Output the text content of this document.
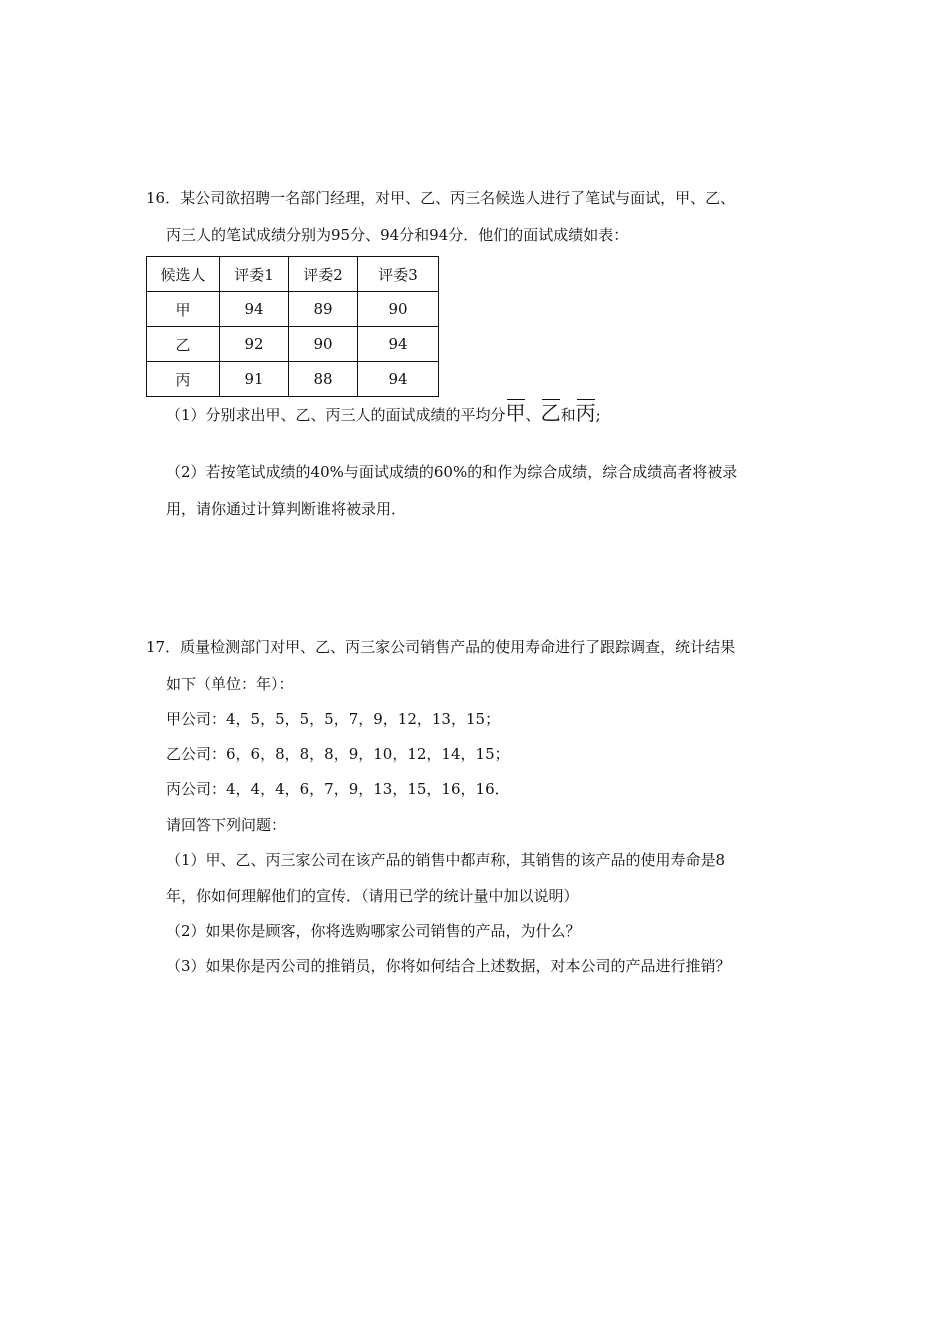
16．某公司欲招聘一名部门经理，对甲、乙、丙三名候选人进行了笔试与面试，甲、乙、
丙三人的笔试成绩分别为95分、94分和94分．他们的面试成绩如表：
候选人	评委1	评委2	评委3
甲	94	89	90
乙	92	90	94
丙	91	88	94
（1）分别求出甲、乙、丙三人的面试成绩的平均分甲、乙和丙;
（2）若按笔试成绩的40%与面试成绩的60%的和作为综合成绩，综合成绩高者将被录
用，请你通过计算判断谁将被录用．
17．质量检测部门对甲、乙、丙三家公司销售产品的使用寿命进行了跟踪调查，统计结果
如下（单位：年）：
甲公司：4，5，5，5，5，7，9，12，13，15；
乙公司：6，6，8，8，8，9，10，12，14，15；
丙公司：4，4，4，6，7，9，13，15，16，16．
请回答下列问题：
（1）甲、乙、丙三家公司在该产品的销售中都声称，其销售的该产品的使用寿命是8
年，你如何理解他们的宣传．（请用已学的统计量中加以说明）
（2）如果你是顾客，你将选购哪家公司销售的产品，为什么？
（3）如果你是丙公司的推销员，你将如何结合上述数据，对本公司的产品进行推销？
